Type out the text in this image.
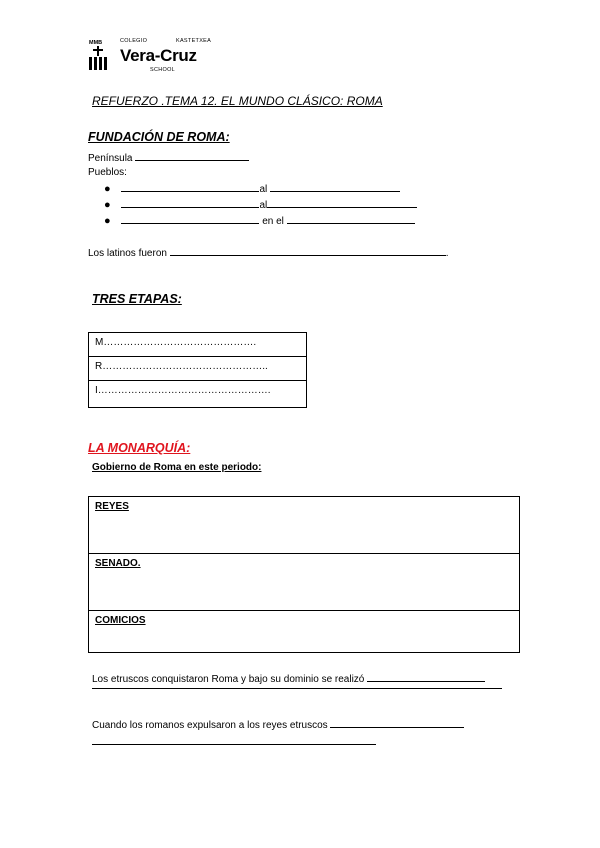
MMB	COLEGIO	KASTETXEA
Vera-Cruz
SCHOOL
REFUERZO .TEMA 12. EL MUNDO CLÁSICO: ROMA
FUNDACIÓN DE ROMA:
Península
Pueblos:
●	al
●	al
●	en el
Los latinos fueron	.
TRES ETAPAS:
M……………………………………….
R…………………………………………..
I…………………………………………….
LA MONARQUÍA:
Gobierno de Roma en este periodo:
REYES
SENADO.
COMICIOS
Los etruscos conquistaron Roma y bajo su dominio se realizó
Cuando los romanos expulsaron a los reyes etruscos
